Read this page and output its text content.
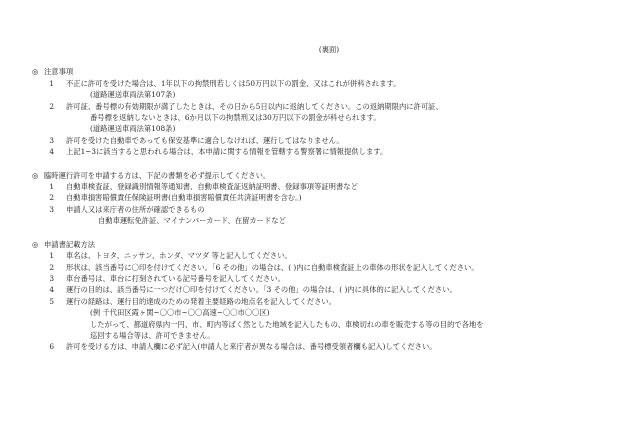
(裏面)
◎ 注意事項
1	不正に許可を受けた場合は、1年以下の拘禁刑若しくは50万円以下の罰金、又はこれが併科されます。
(道路運送車両法第107条)
2	許可証、番号標の有効期限が満了したときは、その日から5日以内に返納してください。この返納期限内に許可証、
番号標を返納しないときは、6か月以下の拘禁刑又は30万円以下の罰金が科せられます。
(道路運送車両法第108条)
3	許可を受けた自動車であっても保安基準に適合しなければ、運行してはなりません。
4	上記1~3に該当すると思われる場合は、本申請に関する情報を管轄する警察署に情報提供します。
◎ 臨時運行許可を申請する方は、下記の書類を必ず提示してください。
1	自動車検査証、登録識別情報等通知書、自動車検査証返納証明書、登録事項等証明書など
2	自動車損害賠償責任保険証明書(自動車損害賠償責任共済証明書を含む。)
3	申請人又は来庁者の住所が確認できるもの
自動車運転免許証、マイナンバーカード、在留カードなど
◎ 申請書記載方法
1	車名は、トヨタ、ニッサン、ホンダ、マツダ 等と記入してください。
2	形状は、該当番号に〇印を付けてください。「6 その他」の場合は、( )内に自動車検査証上の車体の形状を記入してください。
3	車台番号は、車台に打刻されている記号番号を記入してください。
4	運行の目的は、該当番号に一つだけ〇印を付けてください。「3 その他」の場合は、( )内に具体的に記入してください。
5	運行の経路は、運行目的達成のための発着主要経路の地点名を記入してください。
(例 千代田区霞ヶ関~〇〇市~〇〇高速~〇〇市〇〇区)
したがって、都道府県内一円、市、町内等ばく然とした地域を記入したもの、車検切れの車を販売する等の目的で各地を
巡回する場合等は、許可できません。
6	許可を受ける方は、申請人欄に必ず記入(申請人と来庁者が異なる場合は、番号標受領者欄も記入)してください。
